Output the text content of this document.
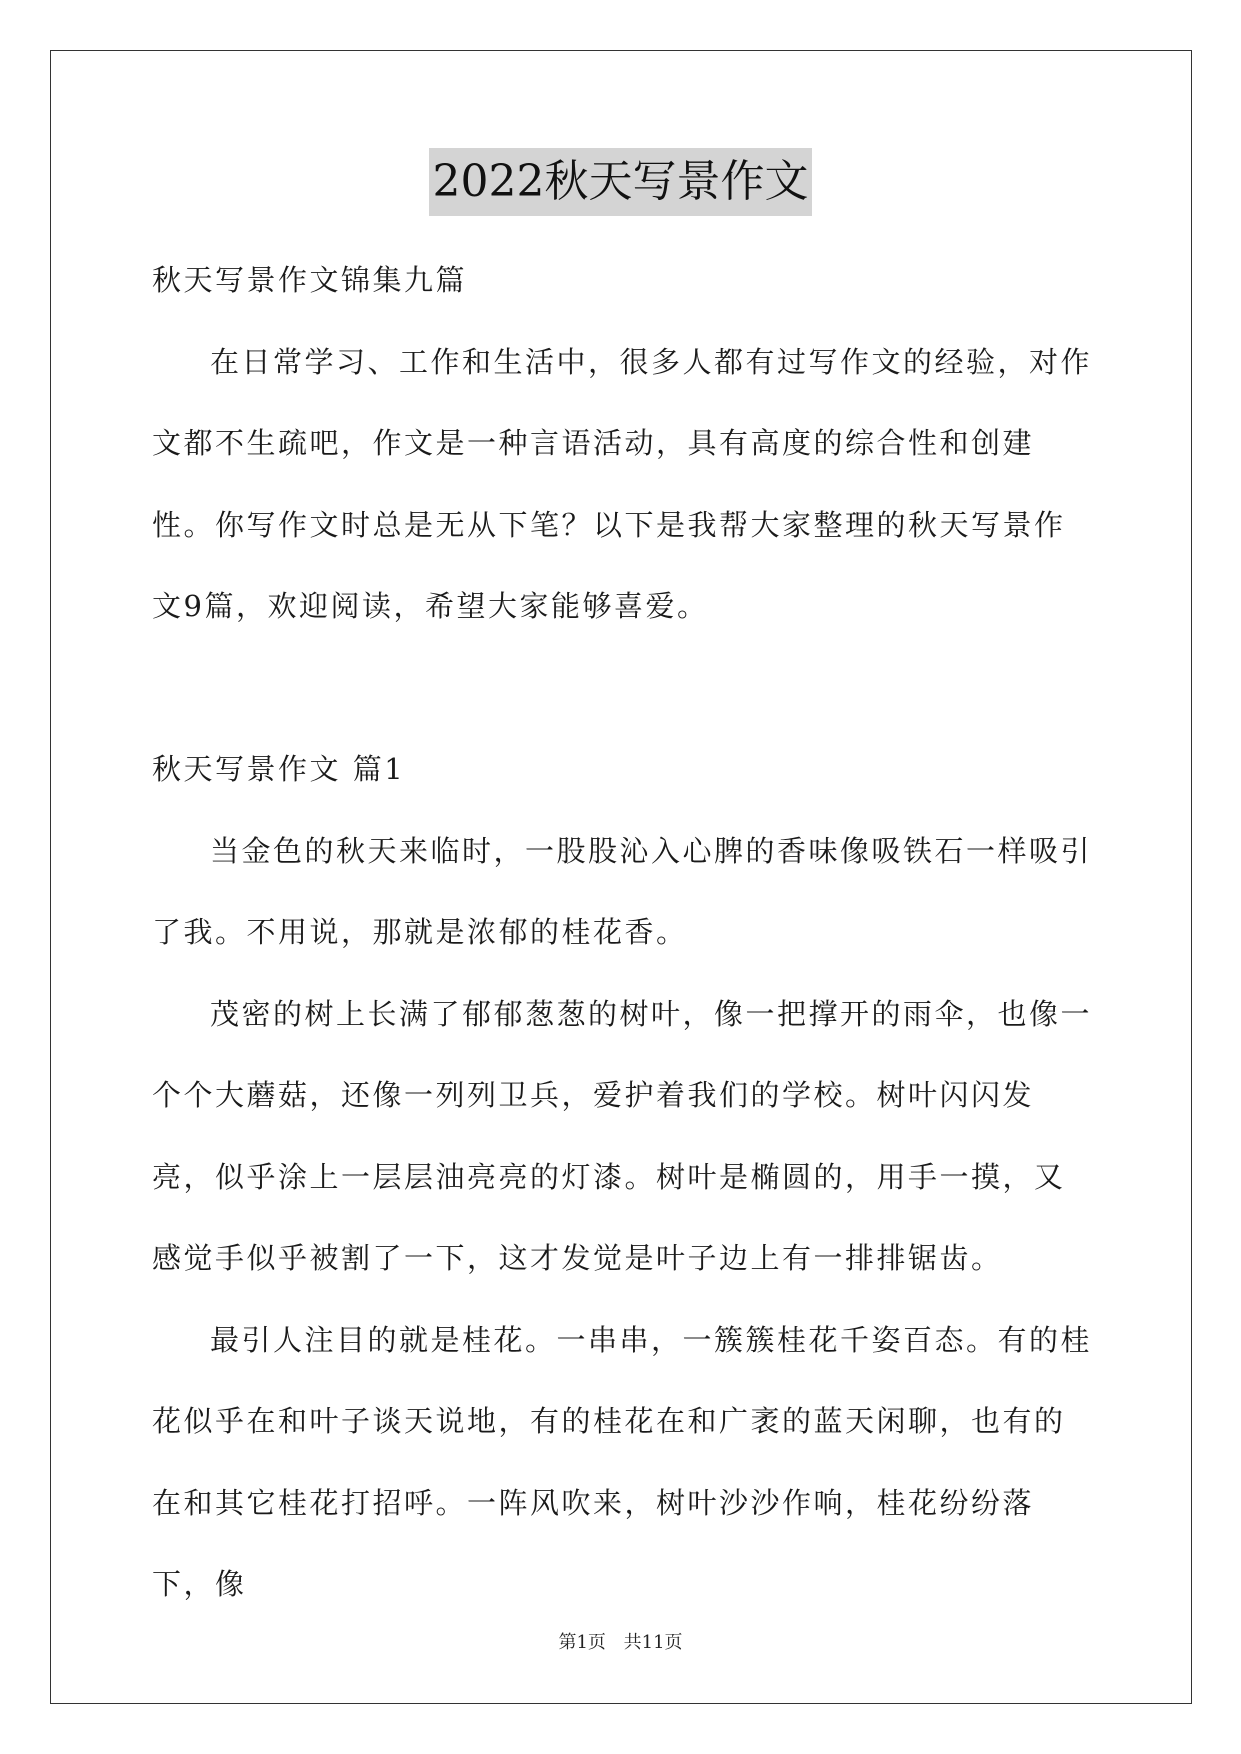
2022秋天写景作文

秋天写景作文锦集九篇

在日常学习、工作和生活中，很多人都有过写作文的经验，对作文都不生疏吧，作文是一种言语活动，具有高度的综合性和创建性。你写作文时总是无从下笔？以下是我帮大家整理的秋天写景作文9篇，欢迎阅读，希望大家能够喜爱。

秋天写景作文 篇1

当金色的秋天来临时，一股股沁入心脾的香味像吸铁石一样吸引了我。不用说，那就是浓郁的桂花香。

茂密的树上长满了郁郁葱葱的树叶，像一把撑开的雨伞，也像一个个大蘑菇，还像一列列卫兵，爱护着我们的学校。树叶闪闪发亮，似乎涂上一层层油亮亮的灯漆。树叶是椭圆的，用手一摸，又感觉手似乎被割了一下，这才发觉是叶子边上有一排排锯齿。

最引人注目的就是桂花。一串串，一簇簇桂花千姿百态。有的桂花似乎在和叶子谈天说地，有的桂花在和广袤的蓝天闲聊，也有的在和其它桂花打招呼。一阵风吹来，树叶沙沙作响，桂花纷纷落下，像

第1页 共11页
